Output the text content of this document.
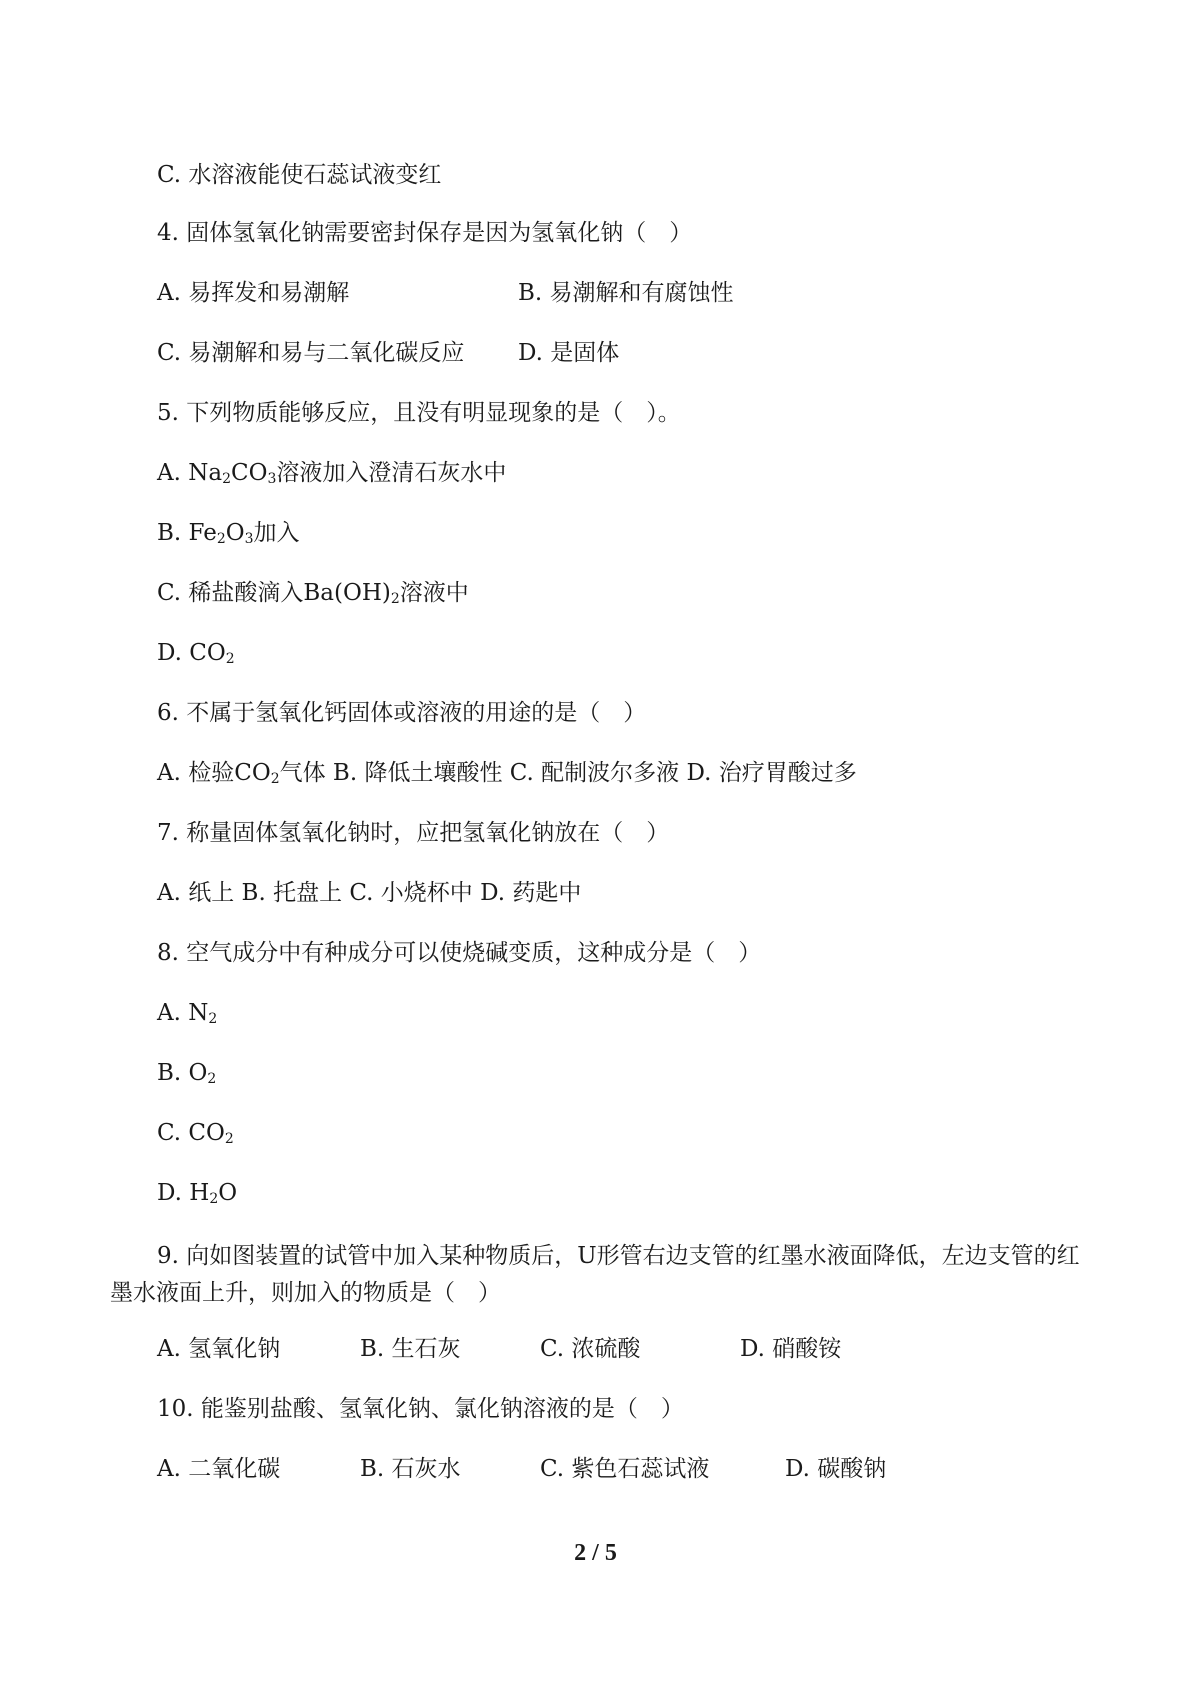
C. 水溶液能使石蕊试液变红
4. 固体氢氧化钠需要密封保存是因为氢氧化钠（　）
A. 易挥发和易潮解	B. 易潮解和有腐蚀性
C. 易潮解和易与二氧化碳反应 D. 是固体
5. 下列物质能够反应，且没有明显现象的是（　）。
A. $Na_2CO_3$溶液加入澄清石灰水中
B. $Fe_2O_3$加入
C. 稀盐酸滴入$Ba(OH)_2$溶液中
D. $CO_2$
6. 不属于氢氧化钙固体或溶液的用途的是（　）
A. 检验$CO_2$气体 B. 降低土壤酸性 C. 配制波尔多液 D. 治疗胃酸过多
7. 称量固体氢氧化钠时，应把氢氧化钠放在（　）
A. 纸上 B. 托盘上 C. 小烧杯中 D. 药匙中
8. 空气成分中有种成分可以使烧碱变质，这种成分是（　）
A. $N_2$
B. $O_2$
C. $CO_2$
D. $H_2O$
9. 向如图装置的试管中加入某种物质后，U形管右边支管的红墨水液面降低，左边支管的红墨水液面上升，则加入的物质是（　）
A. 氢氧化钠	B. 生石灰	C. 浓硫酸	D. 硝酸铵
10. 能鉴别盐酸、氢氧化钠、氯化钠溶液的是（　）
A. 二氧化碳	B. 石灰水	C. 紫色石蕊试液	D. 碳酸钠
2 / 5
